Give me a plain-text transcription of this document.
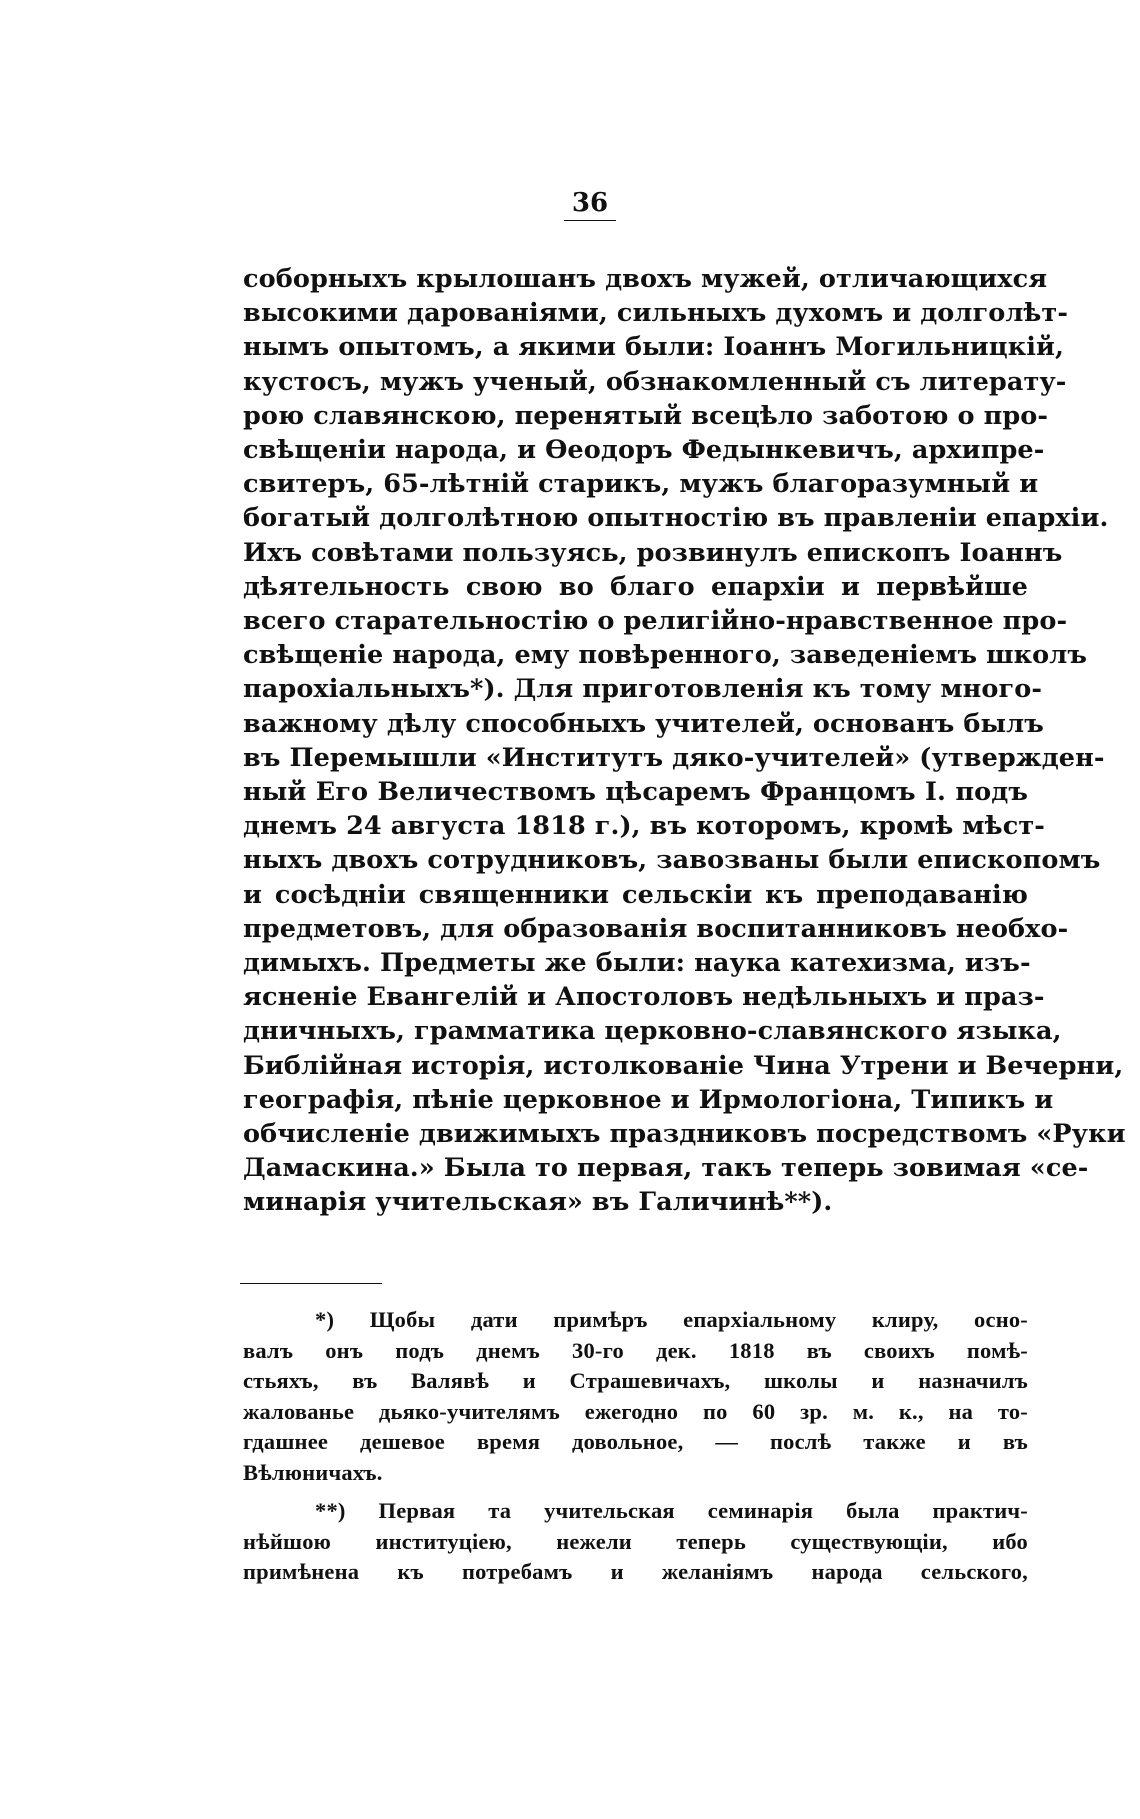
36
соборныхъ крылошанъ двохъ мужей, отличающихся
высокими дарованіями, сильныхъ духомъ и долголѣт-
нымъ опытомъ, а якими были: Іоаннъ Могильницкій,
кустосъ, мужъ ученый, обзнакомленный съ литерату-
рою славянскою, перенятый всецѣло заботою о про-
свѣщеніи народа, и Ѳеодоръ Федынкевичъ, архипре-
свитеръ, 65-лѣтній старикъ, мужъ благоразумный и
богатый долголѣтною опытностію въ правленіи епархіи.
Ихъ совѣтами пользуясь, розвинулъ епископъ Іоаннъ
дѣятельность свою во благо епархіи и первѣйше
всего старательностію о религійно-нравственное про-
свѣщеніе народа, ему повѣренного, заведеніемъ школъ
парохіальныхъ*). Для приготовленія къ тому много-
важному дѣлу способныхъ учителей, основанъ былъ
въ Перемышли «Институтъ дяко-учителей» (утвержден-
ный Его Величествомъ цѣсаремъ Францомъ І. подъ
днемъ 24 августа 1818 г.), въ которомъ, кромѣ мѣст-
ныхъ двохъ сотрудниковъ, завозваны были епископомъ
и сосѣдніи священники сельскіи къ преподаванію
предметовъ, для образованія воспитанниковъ необхо-
димыхъ. Предметы же были: наука катехизма, изъ-
ясненіе Евангелій и Апостоловъ недѣльныхъ и праз-
дничныхъ, грамматика церковно-славянского языка,
Библійная исторія, истолкованіе Чина Утрени и Вечерни,
географія, пѣніе церковное и Ирмологіона, Типикъ и
обчисленіе движимыхъ праздниковъ посредствомъ «Руки
Дамаскина.» Была то первая, такъ теперь зовимая «се-
минарія учительская» въ Галичинѣ**).
*) Щобы дати примѣръ епархіальному клиру, осно-
валъ онъ подъ днемъ 30-го дек. 1818 въ своихъ помѣ-
стьяхъ, въ Валявѣ и Страшевичахъ, школы и назначилъ
жалованье дьяко-учителямъ ежегодно по 60 зр. м. к., на то-
гдашнее дешевое время довольное, — послѣ также и въ
Вѣлюничахъ.
**) Первая та учительская семинарія была практич-
нѣйшою институціею, нежели теперь существующіи, ибо
примѣнена къ потребамъ и желаніямъ народа сельского,
